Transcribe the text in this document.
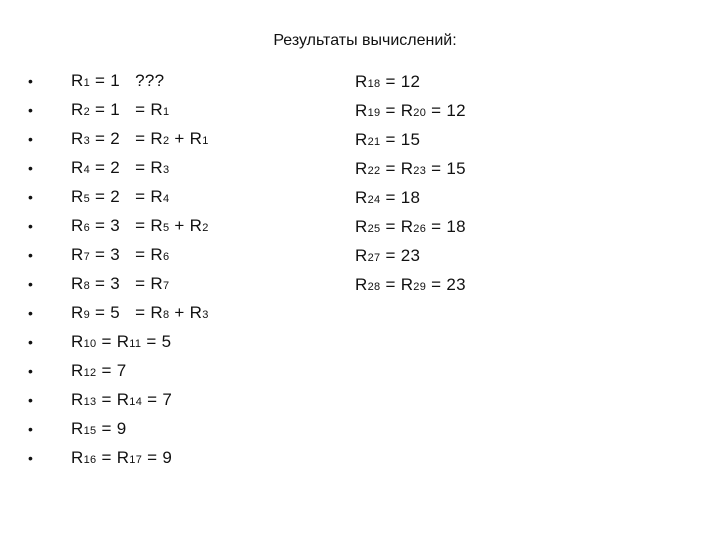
Результаты вычислений:
•	R1 = 1   ???
•	R2 = 1   = R1
•	R3 = 2   = R2 + R1
•	R4 = 2   = R3
•	R5 = 2   = R4
•	R6 = 3   = R5 + R2
•	R7 = 3   = R6
•	R8 = 3   = R7
•	R9 = 5   = R8 + R3
•	R10 = R11 = 5
•	R12 = 7
•	R13 = R14 = 7
•	R15 = 9
•	R16 = R17 = 9
R18 = 12
R19 = R20 = 12
R21 = 15
R22 = R23 = 15
R24 = 18
R25 = R26 = 18
R27 = 23
R28 = R29 = 23
